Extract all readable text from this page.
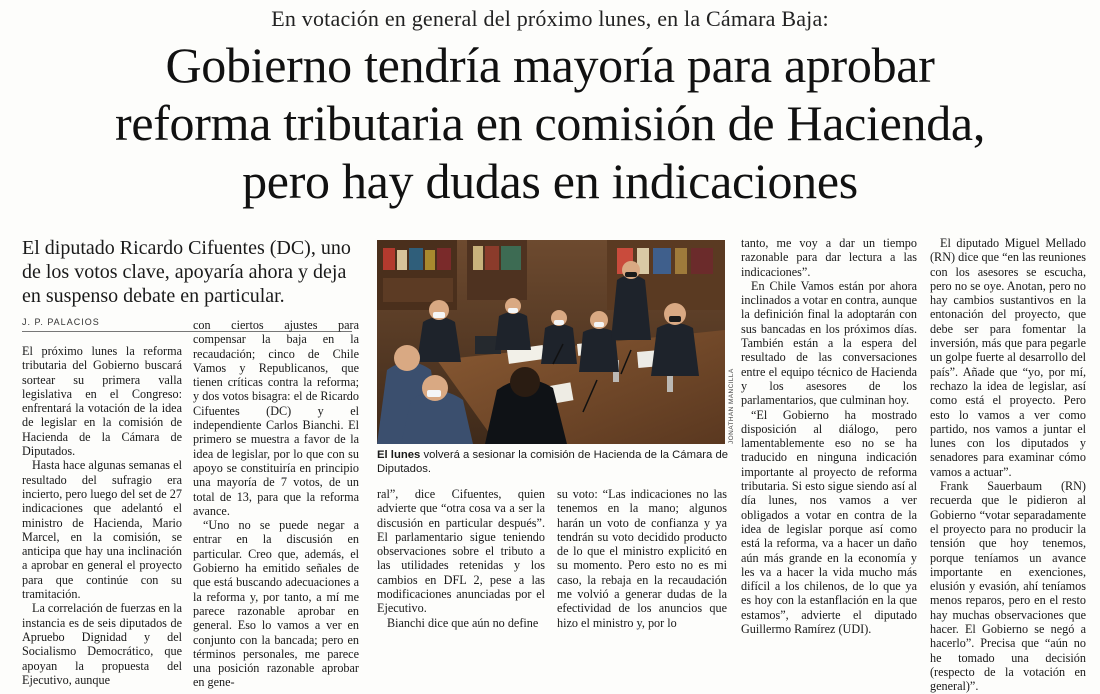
En votación en general del próximo lunes, en la Cámara Baja:
Gobierno tendría mayoría para aprobar
reforma tributaria en comisión de Hacienda,
pero hay dudas en indicaciones
El diputado Ricardo Cifuentes (DC), uno de los votos clave, apoyaría ahora y deja en suspenso debate en particular.
J. P. PALACIOS

El próximo lunes la reforma tributaria del Gobierno buscará sortear su primera valla legislativa en el Congreso: enfrentará la votación de la idea de legislar en la comisión de Hacienda de la Cámara de Diputados.

Hasta hace algunas semanas el resultado del sufragio era incierto, pero luego del set de 27 indicaciones que adelantó el ministro de Hacienda, Mario Marcel, en la comisión, se anticipa que hay una inclinación a aprobar en general el proyecto para que continúe con su tramitación.

La correlación de fuerzas en la instancia es de seis diputados de Apruebo Dignidad y del Socialismo Democrático, que apoyan la propuesta del Ejecutivo, aunque

con ciertos ajustes para compensar la baja en la recaudación; cinco de Chile Vamos y Republicanos, que tienen críticas contra la reforma; y dos votos bisagra: el de Ricardo Cifuentes (DC) y el independiente Carlos Bianchi. El primero se muestra a favor de la idea de legislar, por lo que con su apoyo se constituiría en principio una mayoría de 7 votos, de un total de 13, para que la reforma avance.

“Uno no se puede negar a entrar en la discusión en particular. Creo que, además, el Gobierno ha emitido señales de que está buscando adecuaciones a la reforma y, por tanto, a mí me parece razonable aprobar en general. Eso lo vamos a ver en conjunto con la bancada; pero en términos personales, me parece una posición razonable aprobar en gene-

JONATHAN MANCILLA
El lunes volverá a sesionar la comisión de Hacienda de la Cámara de Diputados.

ral”, dice Cifuentes, quien advierte que “otra cosa va a ser la discusión en particular después”. El parlamentario sigue teniendo observaciones sobre el tributo a las utilidades retenidas y los cambios en DFL 2, pese a las modificaciones anunciadas por el Ejecutivo.

Bianchi dice que aún no define

su voto: “Las indicaciones no las tenemos en la mano; algunos harán un voto de confianza y ya tendrán su voto decidido producto de lo que el ministro explicitó en su momento. Pero esto no es mi caso, la rebaja en la recaudación me volvió a generar dudas de la efectividad de los anuncios que hizo el ministro y, por lo

tanto, me voy a dar un tiempo razonable para dar lectura a las indicaciones”.

En Chile Vamos están por ahora inclinados a votar en contra, aunque la definición final la adoptarán con sus bancadas en los próximos días. También están a la espera del resultado de las conversaciones entre el equipo técnico de Hacienda y los asesores de los parlamentarios, que culminan hoy.

“El Gobierno ha mostrado disposición al diálogo, pero lamentablemente eso no se ha traducido en ninguna indicación importante al proyecto de reforma tributaria. Si esto sigue siendo así al día lunes, nos vamos a ver obligados a votar en contra de la idea de legislar porque así como está la reforma, va a hacer un daño aún más grande en la economía y les va a hacer la vida mucho más difícil a los chilenos, de lo que ya es hoy con la estanflación en la que estamos”, advierte el diputado Guillermo Ramírez (UDI).

El diputado Miguel Mellado (RN) dice que “en las reuniones con los asesores se escucha, pero no se oye. Anotan, pero no hay cambios sustantivos en la entonación del proyecto, que debe ser para fomentar la inversión, más que para pegarle un golpe fuerte al desarrollo del país”. Añade que “yo, por mí, rechazo la idea de legislar, así como está el proyecto. Pero esto lo vamos a ver como partido, nos vamos a juntar el lunes con los diputados y senadores para examinar cómo vamos a actuar”.

Frank Sauerbaum (RN) recuerda que le pidieron al Gobierno “votar separadamente el proyecto para no producir la tensión que hoy tenemos, porque teníamos un avance importante en exenciones, elusión y evasión, ahí teníamos menos reparos, pero en el resto hay muchas observaciones que hacer. El Gobierno se negó a hacerlo”. Precisa que “aún no he tomado una decisión (respecto de la votación en general)”.
